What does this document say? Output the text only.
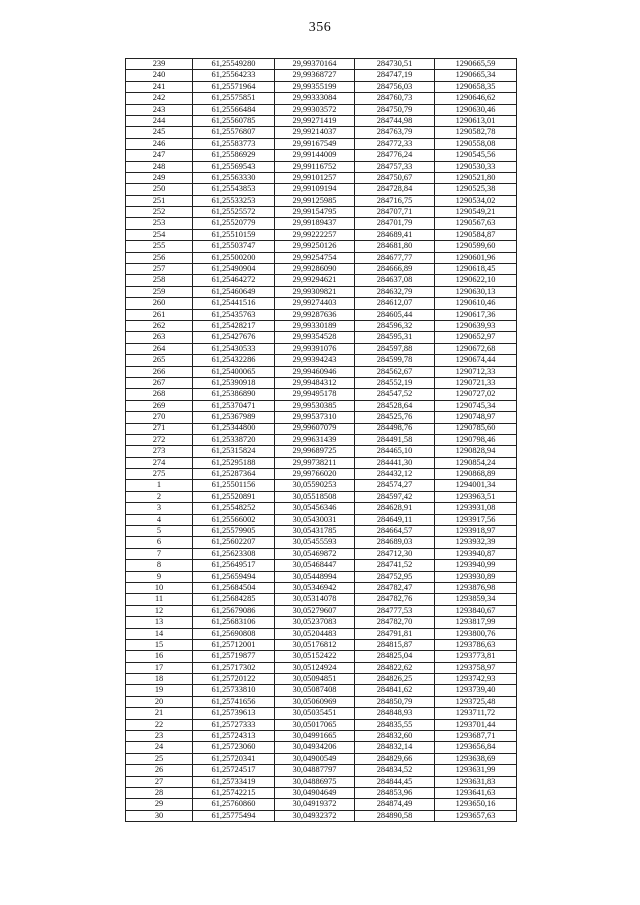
356
239	61,25549280	29,99370164	284730,51	1290665,59
240	61,25564233	29,99368727	284747,19	1290665,34
241	61,25571964	29,99355199	284756,03	1290658,35
242	61,25575851	29,99333084	284760,73	1290646,62
243	61,25566484	29,99303572	284750,79	1290630,46
244	61,25560785	29,99271419	284744,98	1290613,01
245	61,25576807	29,99214037	284763,79	1290582,78
246	61,25583773	29,99167549	284772,33	1290558,08
247	61,25586929	29,99144009	284776,24	1290545,56
248	61,25569543	29,99116752	284757,33	1290530,33
249	61,25563330	29,99101257	284750,67	1290521,80
250	61,25543853	29,99109194	284728,84	1290525,38
251	61,25533253	29,99125985	284716,75	1290534,02
252	61,25525572	29,99154795	284707,71	1290549,21
253	61,25520779	29,99189437	284701,79	1290567,63
254	61,25510159	29,99222257	284689,41	1290584,87
255	61,25503747	29,99250126	284681,80	1290599,60
256	61,25500200	29,99254754	284677,77	1290601,96
257	61,25490904	29,99286090	284666,89	1290618,45
258	61,25464272	29,99294621	284637,08	1290622,10
259	61,25460649	29,99309821	284632,79	1290630,13
260	61,25441516	29,99274403	284612,07	1290610,46
261	61,25435763	29,99287636	284605,44	1290617,36
262	61,25428217	29,99330189	284596,32	1290639,93
263	61,25427676	29,99354528	284595,31	1290652,97
264	61,25430533	29,99391076	284597,88	1290672,68
265	61,25432286	29,99394243	284599,78	1290674,44
266	61,25400065	29,99460946	284562,67	1290712,33
267	61,25390918	29,99484312	284552,19	1290721,33
268	61,25386890	29,99495178	284547,52	1290727,02
269	61,25370471	29,99530385	284528,64	1290745,34
270	61,25367989	29,99537310	284525,76	1290748,97
271	61,25344800	29,99607079	284498,76	1290785,60
272	61,25338720	29,99631439	284491,58	1290798,46
273	61,25315824	29,99689725	284465,10	1290828,94
274	61,25295188	29,99738211	284441,30	1290854,24
275	61,25287364	29,99766020	284432,12	1290868,89
1	61,25501156	30,05590253	284574,27	1294001,34
2	61,25520891	30,05518508	284597,42	1293963,51
3	61,25548252	30,05456346	284628,91	1293931,08
4	61,25566002	30,05430031	284649,11	1293917,56
5	61,25579905	30,05431785	284664,57	1293918,97
6	61,25602207	30,05455593	284689,03	1293932,39
7	61,25623308	30,05469872	284712,30	1293940,87
8	61,25649517	30,05468447	284741,52	1293940,99
9	61,25659494	30,05448994	284752,95	1293930,89
10	61,25684504	30,05346942	284782,47	1293876,98
11	61,25684285	30,05314078	284782,76	1293859,34
12	61,25679086	30,05279607	284777,53	1293840,67
13	61,25683106	30,05237083	284782,70	1293817,99
14	61,25690808	30,05204483	284791,81	1293800,76
15	61,25712001	30,05176812	284815,87	1293786,63
16	61,25719877	30,05152422	284825,04	1293773,81
17	61,25717302	30,05124924	284822,62	1293758,97
18	61,25720122	30,05094851	284826,25	1293742,93
19	61,25733810	30,05087408	284841,62	1293739,40
20	61,25741656	30,05060969	284850,79	1293725,48
21	61,25739613	30,05035451	284848,93	1293711,72
22	61,25727333	30,05017065	284835,55	1293701,44
23	61,25724313	30,04991665	284832,60	1293687,71
24	61,25723060	30,04934206	284832,14	1293656,84
25	61,25720341	30,04900549	284829,66	1293638,69
26	61,25724517	30,04887797	284834,52	1293631,99
27	61,25733419	30,04886975	284844,45	1293631,83
28	61,25742215	30,04904649	284853,96	1293641,63
29	61,25760860	30,04919372	284874,49	1293650,16
30	61,25775494	30,04932372	284890,58	1293657,63
